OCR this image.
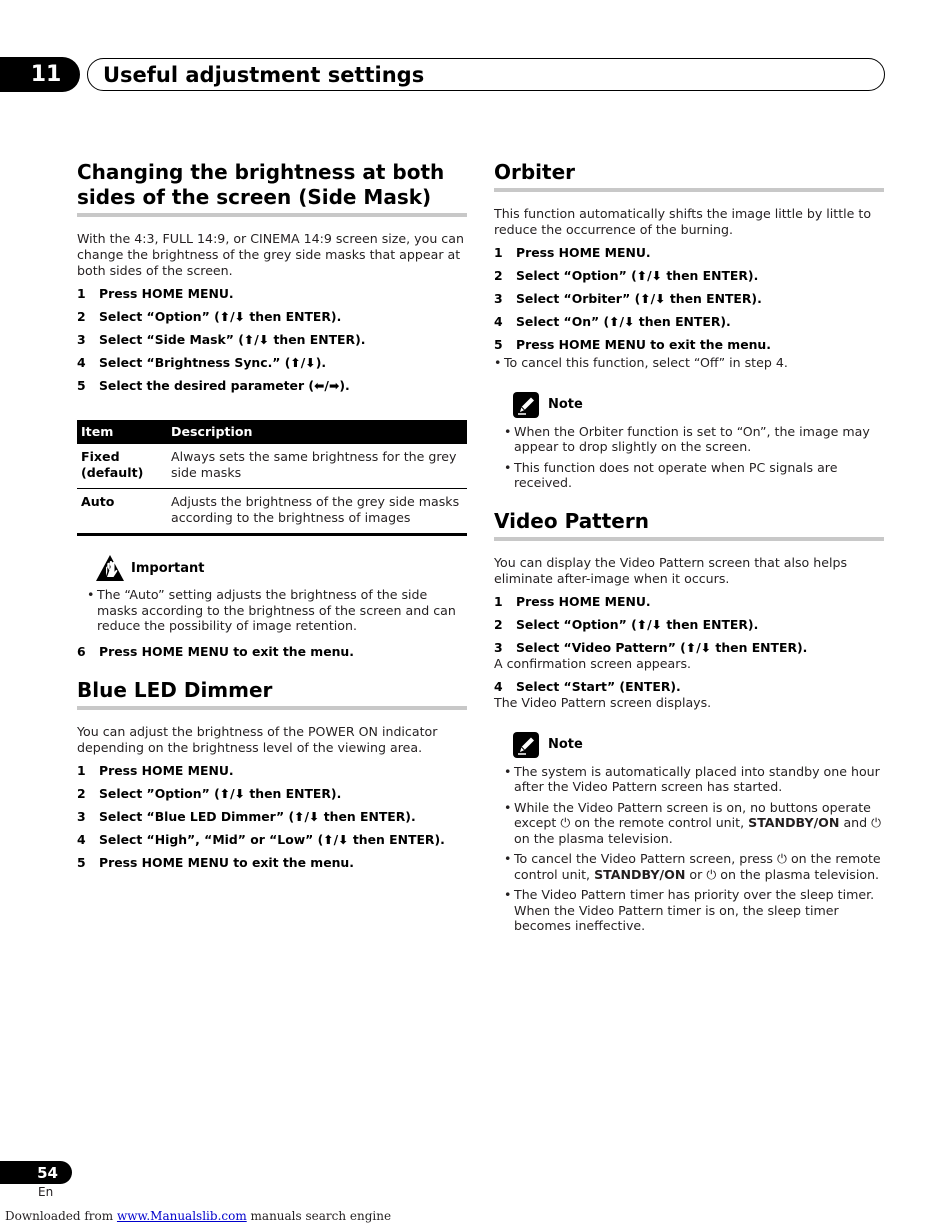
11	Useful adjustment settings
Changing the brightness at both sides of the screen (Side Mask)

With the 4:3, FULL 14:9, or CINEMA 14:9 screen size, you can change the brightness of the grey side masks that appear at both sides of the screen.

1	Press HOME MENU.
2	Select “Option” (⬆/⬇ then ENTER).
3	Select “Side Mask” (⬆/⬇ then ENTER).
4	Select “Brightness Sync.” (⬆/⬇).
5	Select the desired parameter (⬅/➡).
Item	Description
Fixed (default)	Always sets the same brightness for the grey side masks
Auto	Adjusts the brightness of the grey side masks according to the brightness of images
Important
• The “Auto” setting adjusts the brightness of the side masks according to the brightness of the screen and can reduce the possibility of image retention.
6	Press HOME MENU to exit the menu.
Blue LED Dimmer

You can adjust the brightness of the POWER ON indicator depending on the brightness level of the viewing area.

1	Press HOME MENU.
2	Select ”Option” (⬆/⬇ then ENTER).
3	Select “Blue LED Dimmer” (⬆/⬇ then ENTER).
4	Select “High”, “Mid” or “Low” (⬆/⬇ then ENTER).
5	Press HOME MENU to exit the menu.
Orbiter

This function automatically shifts the image little by little to reduce the occurrence of the burning.

1	Press HOME MENU.
2	Select “Option” (⬆/⬇ then ENTER).
3	Select “Orbiter” (⬆/⬇ then ENTER).
4	Select “On” (⬆/⬇ then ENTER).
5	Press HOME MENU to exit the menu.
• To cancel this function, select “Off” in step 4.
Note
• When the Orbiter function is set to “On”, the image may appear to drop slightly on the screen.
• This function does not operate when PC signals are received.
Video Pattern

You can display the Video Pattern screen that also helps eliminate after-image when it occurs.

1	Press HOME MENU.
2	Select “Option” (⬆/⬇ then ENTER).
3	Select “Video Pattern” (⬆/⬇ then ENTER).
A confirmation screen appears.
4	Select “Start” (ENTER).
The Video Pattern screen displays.
Note
• The system is automatically placed into standby one hour after the Video Pattern screen has started.
• While the Video Pattern screen is on, no buttons operate except ⏻ on the remote control unit, STANDBY/ON and ⏻ on the plasma television.
• To cancel the Video Pattern screen, press ⏻ on the remote control unit, STANDBY/ON or ⏻ on the plasma television.
• The Video Pattern timer has priority over the sleep timer. When the Video Pattern timer is on, the sleep timer becomes ineffective.
54
En
Downloaded from www.Manualslib.com manuals search engine
